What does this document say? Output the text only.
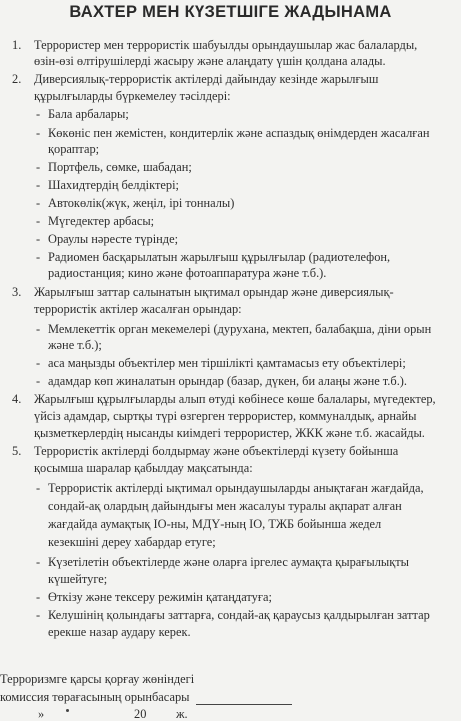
ВАХТЕР МЕН КҮЗЕТШІГЕ ЖАДЫНАМА
1. Террористер мен террористік шабуылды орындаушылар жас балаларды,
өзін-өзі өлтірушілерді жасыру және алаңдату үшін қолдана алады.
2. Диверсиялық-террористік актілерді дайындау кезінде жарылғыш
құрылғыларды бүркемелеу тәсілдері:
- Бала арбалары;
- Көкөніс пен жемістен, кондитерлік және аспаздық өнімдерден жасалған
қораптар;
- Портфель, сөмке, шабадан;
- Шахидтердің белдіктері;
- Автокөлік(жүк, жеңіл, ірі тонналы)
- Мүгедектер арбасы;
- Ораулы нәресте түрінде;
- Радиомен басқарылатын жарылғыш құрылғылар (радиотелефон,
радиостанция; кино және фотоаппаратура және т.б.).
3. Жарылғыш заттар салынатын ықтимал орындар және диверсиялық-
террористік актілер жасалған орындар:
- Мемлекеттік орган мекемелері (дурухана, мектеп, балабақша, діни орын
және т.б.);
- аса маңызды объектілер мен тіршілікті қамтамасыз ету объектілері;
- адамдар көп жиналатын орындар (базар, дүкен, би алаңы және т.б.).
4. Жарылғыш құрылғыларды алып өтуді көбінесе көше балалары, мүгедектер,
үйсіз адамдар, сыртқы түрі өзгерген террористер, коммуналдық, арнайы
қызметкерлердің нысанды киімдегі террористер, ЖКК және т.б. жасайды.
5. Террористік актілерді болдырмау және объектілерді күзету бойынша
қосымша шаралар қабылдау мақсатында:
- Террористік актілерді ықтимал орындаушыларды анықтаған жағдайда,
сондай-ақ олардың дайындығы мен жасалуы туралы ақпарат алған
жағдайда аумақтық ІО-ны, МДҮ-ның ІО, ТЖБ бойынша жедел
кезекшіні дереу хабардар етуге;
- Күзетілетін объектілерде және оларға іргелес аумақта қырағылықты
күшейтуге;
- Өткізу және тексеру режимін қатаңдатуға;
- Келушінің қолындағы заттарға, сондай-ақ қараусыз қалдырылған заттар
ерекше назар аудару керек.
Терроризмге қарсы қорғау жөніндегі
комиссия төрағасының орынбасары
»	20 ж.
